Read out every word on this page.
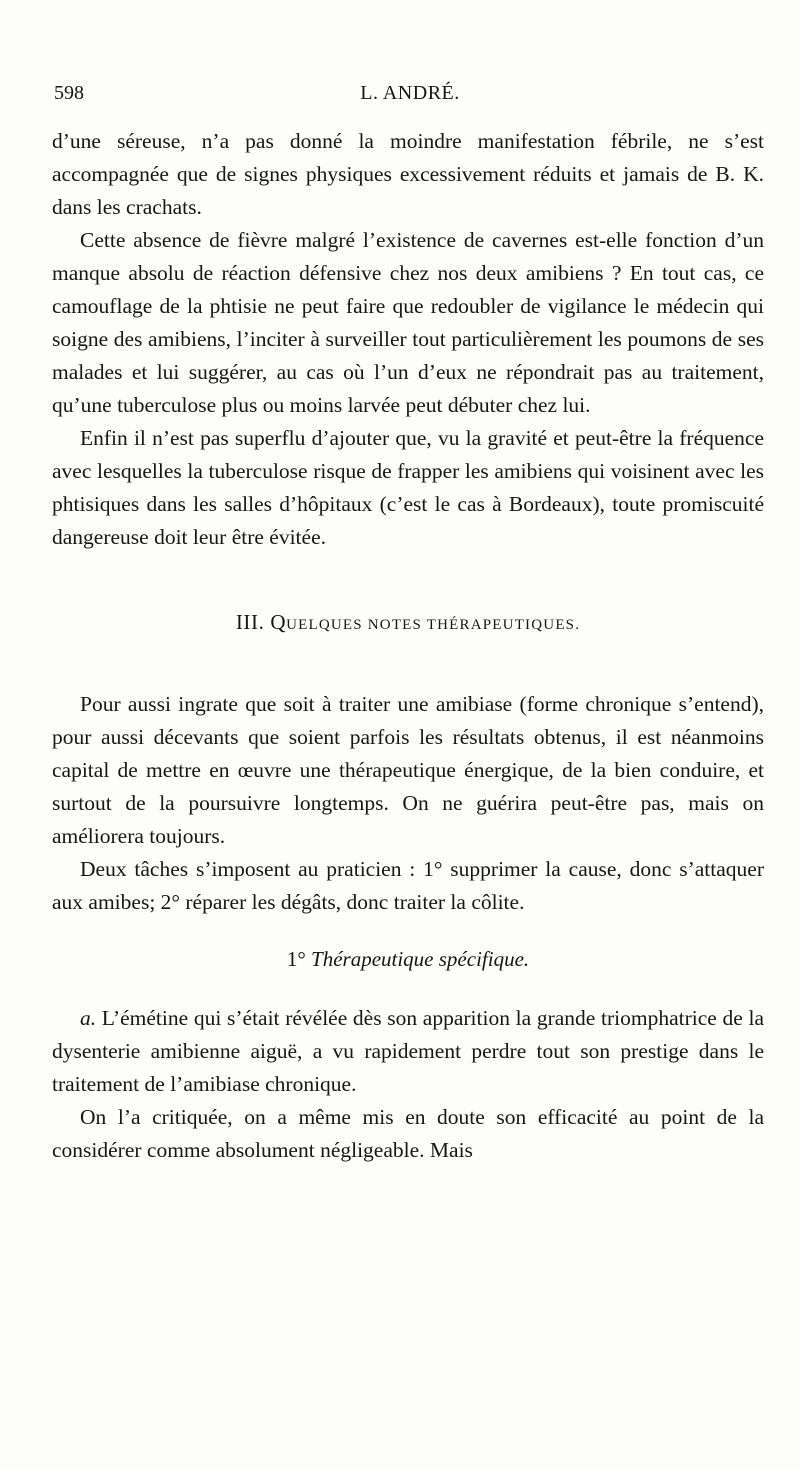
598	L. ANDRÉ.

d’une séreuse, n’a pas donné la moindre manifestation fébrile, ne s’est accompagnée que de signes physiques excessivement réduits et jamais de B. K. dans les crachats.

Cette absence de fièvre malgré l’existence de cavernes est-elle fonction d’un manque absolu de réaction défensive chez nos deux amibiens ? En tout cas, ce camouflage de la phtisie ne peut faire que redoubler de vigilance le médecin qui soigne des amibiens, l’inciter à surveiller tout particulièrement les poumons de ses malades et lui suggérer, au cas où l’un d’eux ne répondrait pas au traitement, qu’une tuberculose plus ou moins larvée peut débuter chez lui.

Enfin il n’est pas superflu d’ajouter que, vu la gravité et peut-être la fréquence avec lesquelles la tuberculose risque de frapper les amibiens qui voisinent avec les phtisiques dans les salles d’hôpitaux (c’est le cas à Bordeaux), toute promiscuité dangereuse doit leur être évitée.

III. QUELQUES NOTES THÉRAPEUTIQUES.

Pour aussi ingrate que soit à traiter une amibiase (forme chronique s’entend), pour aussi décevants que soient parfois les résultats obtenus, il est néanmoins capital de mettre en œuvre une thérapeutique énergique, de la bien conduire, et surtout de la poursuivre longtemps. On ne guérira peut-être pas, mais on améliorera toujours.

Deux tâches s’imposent au praticien : 1° supprimer la cause, donc s’attaquer aux amibes; 2° réparer les dégâts, donc traiter la côlite.

1° Thérapeutique spécifique.

a. L’émétine qui s’était révélée dès son apparition la grande triomphatrice de la dysenterie amibienne aiguë, a vu rapidement perdre tout son prestige dans le traitement de l’amibiase chronique.

On l’a critiquée, on a même mis en doute son efficacité au point de la considérer comme absolument négligeable. Mais
